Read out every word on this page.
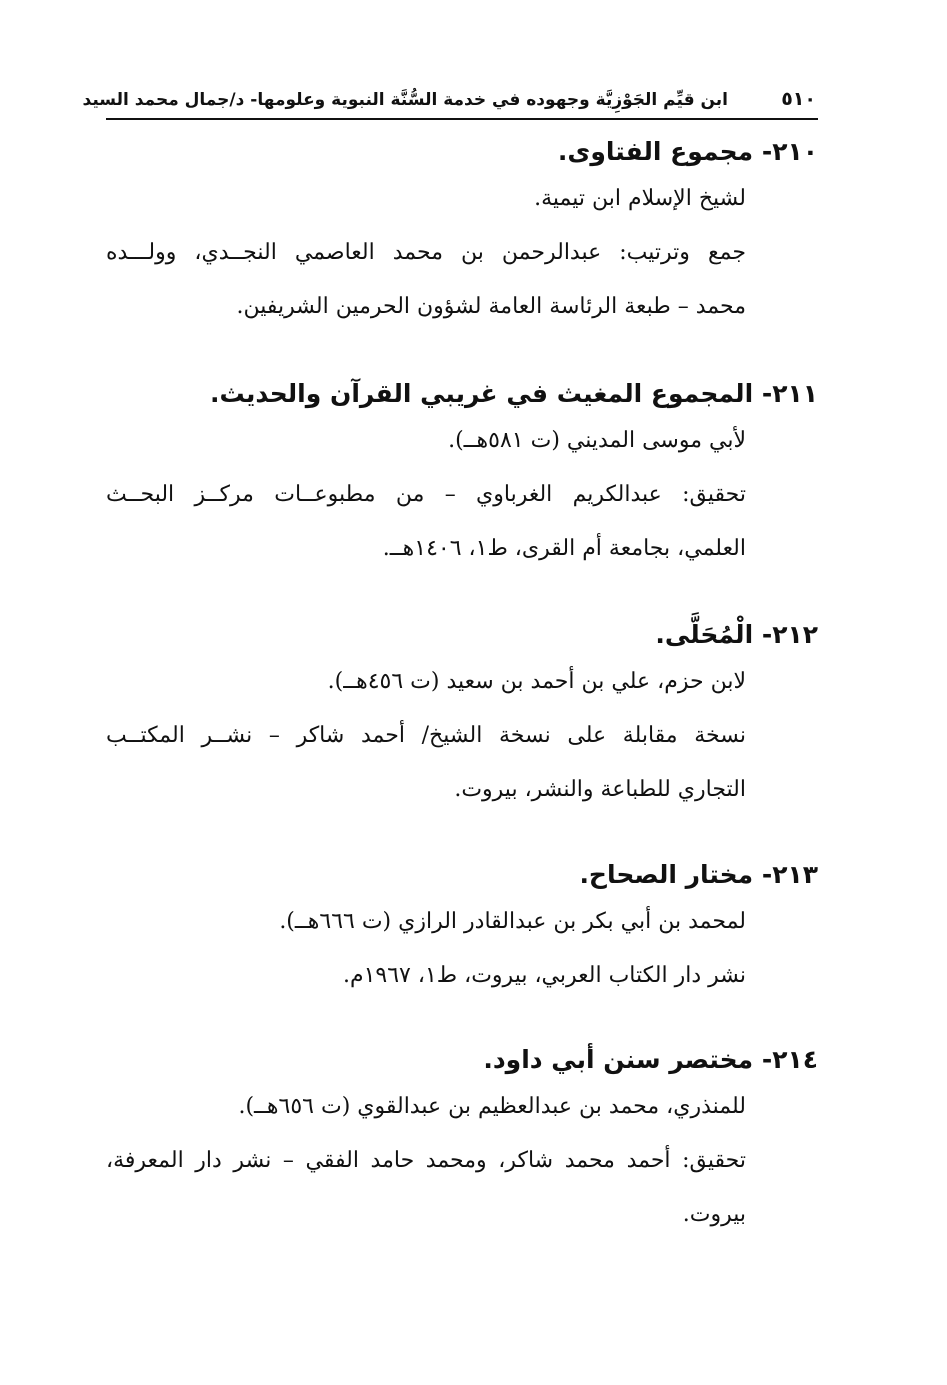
٥١٠
ابن قيِّم الجَوْزِيَّة وجهوده في خدمة السُّنَّة النبوية وعلومها- د/جمال محمد السيد

٢١٠- مجموع الفتاوى.

لشيخ الإسلام ابن تيمية.

جمع وترتيب: عبدالرحمن بن محمد العاصمي النجــدي، وولـــده

محمد – طبعة الرئاسة العامة لشؤون الحرمين الشريفين.

٢١١- المجموع المغيث في غريبي القرآن والحديث.

لأبي موسى المديني (ت ٥٨١هــ).

تحقيق: عبدالكريم الغرباوي – من مطبوعــات مركــز البحــث

العلمي، بجامعة أم القرى، ط١، ١٤٠٦هــ.

٢١٢- الْمُحَلَّى.

لابن حزم، علي بن أحمد بن سعيد (ت ٤٥٦هــ).

نسخة مقابلة على نسخة الشيخ/ أحمد شاكر – نشــر المكتــب

التجاري للطباعة والنشر، بيروت.

٢١٣- مختار الصحاح.

لمحمد بن أبي بكر بن عبدالقادر الرازي (ت ٦٦٦هــ).

نشر دار الكتاب العربي، بيروت، ط١، ١٩٦٧م.

٢١٤- مختصر سنن أبي داود.

للمنذري، محمد بن عبدالعظيم بن عبدالقوي (ت ٦٥٦هــ).

تحقيق: أحمد محمد شاكر، ومحمد حامد الفقي – نشر دار المعرفة،

بيروت.
